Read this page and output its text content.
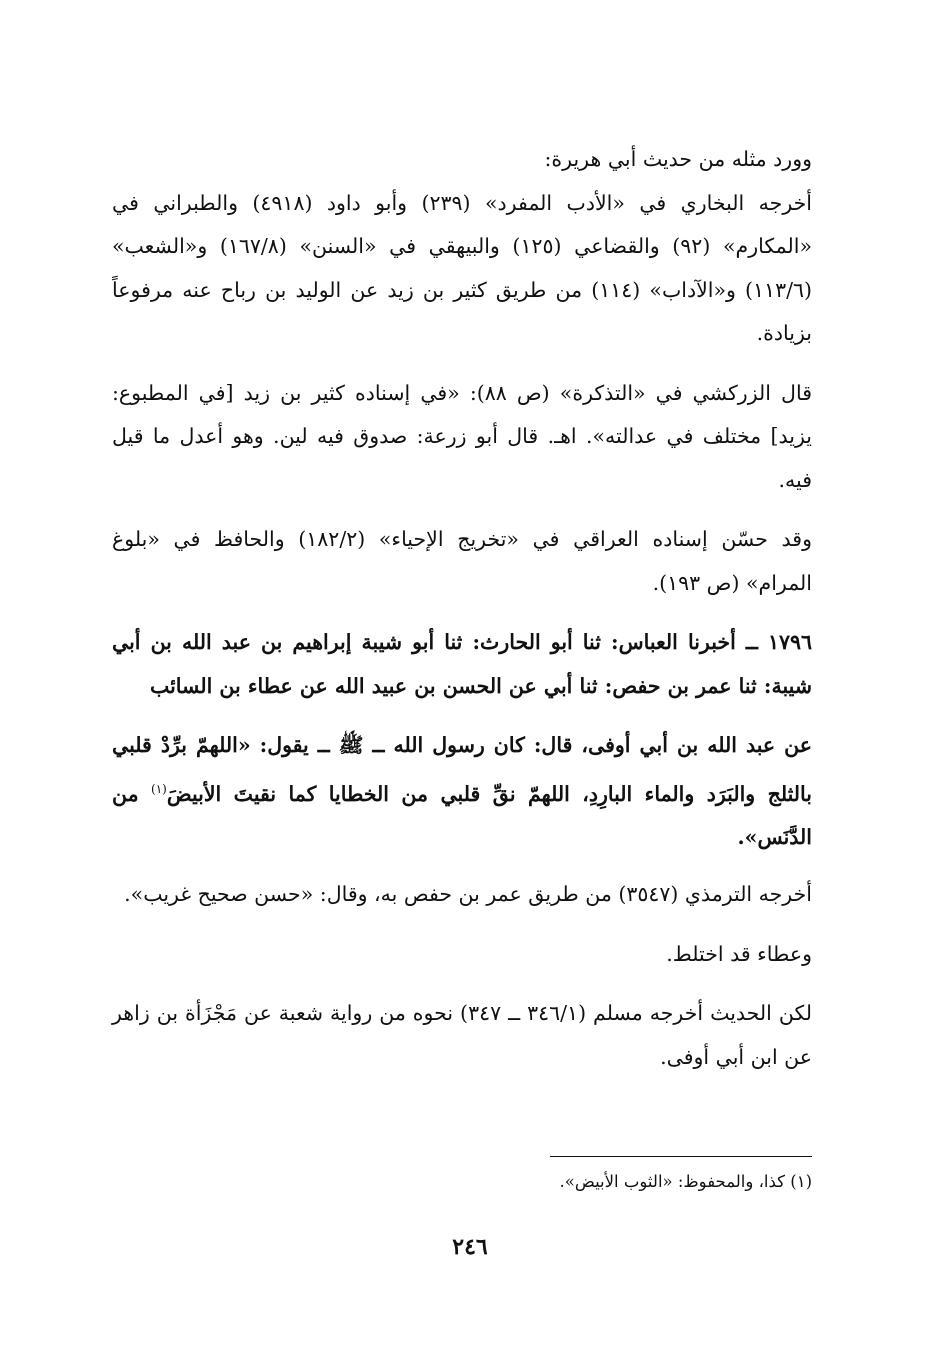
وورد مثله من حديث أبي هريرة:

أخرجه البخاري في «الأدب المفرد» (٢٣٩) وأبو داود (٤٩١٨) والطبراني في «المكارم» (٩٢) والقضاعي (١٢٥) والبيهقي في «السنن» (١٦٧/٨) و«الشعب» (١١٣/٦) و«الآداب» (١١٤) من طريق كثير بن زيد عن الوليد بن رباح عنه مرفوعاً بزيادة.

قال الزركشي في «التذكرة» (ص ٨٨): «في إسناده كثير بن زيد [في المطبوع: يزيد] مختلف في عدالته». اهـ. قال أبو زرعة: صدوق فيه لين. وهو أعدل ما قيل فيه.

وقد حسّن إسناده العراقي في «تخريج الإحياء» (١٨٢/٢) والحافظ في «بلوغ المرام» (ص ١٩٣).

١٧٩٦ ــ أخبرنا العباس: ثنا أبو الحارث: ثنا أبو شيبة إبراهيم بن عبد الله بن أبي شيبة: ثنا عمر بن حفص: ثنا أبي عن الحسن بن عبيد الله عن عطاء بن السائب

عن عبد الله بن أبي أوفى، قال: كان رسول الله ــ ﷺ ــ يقول: «اللهمّ برِّدْ قلبي بالثلج والبَرَد والماء البارِدِ، اللهمّ نقِّ قلبي من الخطايا كما نقيتَ الأبيضَ$^{(١)}$ من الدَّنَس».

أخرجه الترمذي (٣٥٤٧) من طريق عمر بن حفص به، وقال: «حسن صحيح غريب».

وعطاء قد اختلط.

لكن الحديث أخرجه مسلم (٣٤٦/١ ــ ٣٤٧) نحوه من رواية شعبة عن مَجْزَأة بن زاهر عن ابن أبي أوفى.

(١) كذا، والمحفوظ: «الثوب الأبيض».
٢٤٦
